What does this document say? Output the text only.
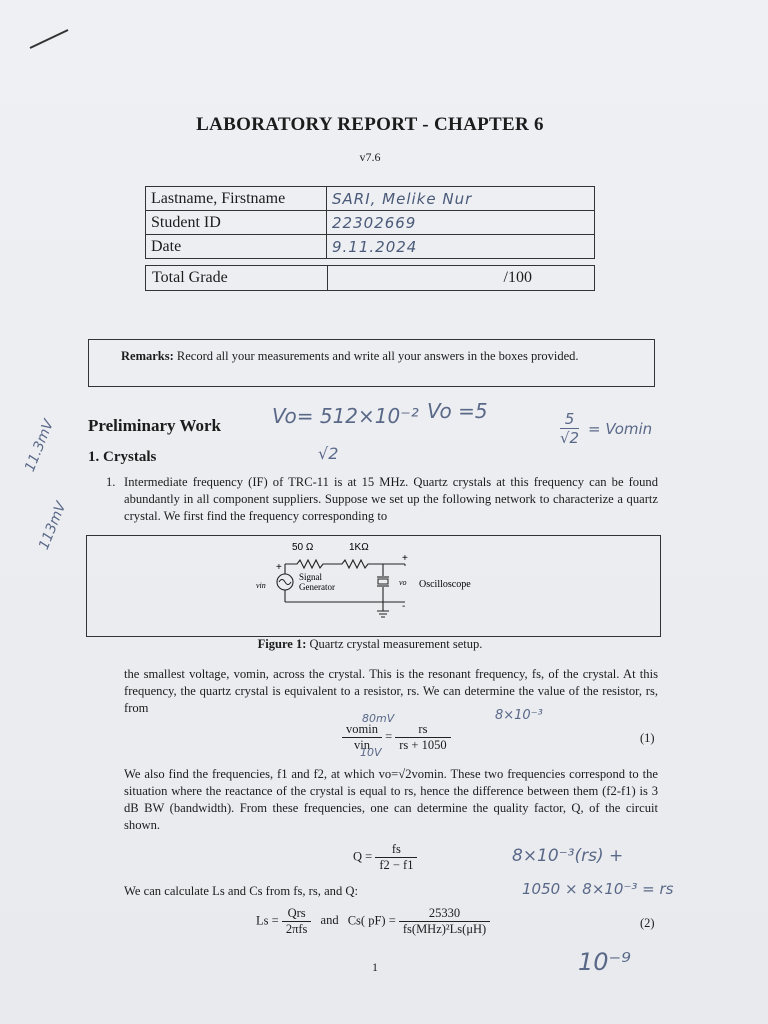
LABORATORY REPORT - CHAPTER 6
v7.6
Lastname, Firstname	SARI, Melike Nur
Student ID	22302669
Date	9.11.2024
Total Grade	/100
Remarks: Record all your measurements and write all your answers in the boxes provided.
Preliminary Work
1. Crystals
1. Intermediate frequency (IF) of TRC-11 is at 15 MHz. Quartz crystals at this frequency can be found abundantly in all component suppliers. Suppose we set up the following network to characterize a quartz crystal. We first find the frequency corresponding to
50 Ω	1KΩ
+
vin
Signal
Generator
+
-
vo Oscilloscope
Figure 1: Quartz crystal measurement setup.
the smallest voltage, vomin, across the crystal. This is the resonant frequency, fs, of the crystal. At this frequency, the quartz crystal is equivalent to a resistor, rs. We can determine the value of the resistor, rs, from
$\frac{vomin}{\text{vin}} = \frac{rs}{rs + 1050}$	(1)
We also find the frequencies, f1 and f2, at which vo=√2vomin. These two frequencies correspond to the situation where the reactance of the crystal is equal to rs, hence the difference between them (f2-f1) is 3 dB BW (bandwidth). From these frequencies, one can determine the quality factor, Q, of the circuit shown.
$Q = \frac{fs}{f2 - f1}$
We can calculate Ls and Cs from fs, rs, and Q:
$Ls = \frac{\text{Qrs}}{\text{2πfs}}$ and Cs( $pF) = \frac{25330}{\text{fs(MHz)²Ls(μH)}}$	(2)
1
Vo= 512×10⁻²
√2
Vo =5	5
√2 = Vomin
11.3mV
113mV
80mV
10V
8×10⁻³
8×10⁻³(rs) +
1050 × 8×10⁻³ = rs
10⁻⁹
